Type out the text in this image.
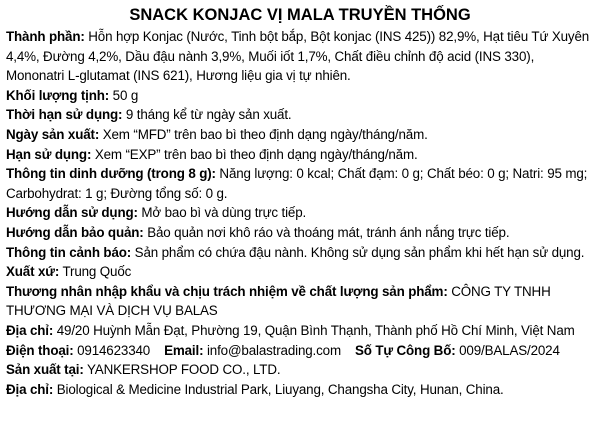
SNACK KONJAC VỊ MALA TRUYỀN THỐNG
Thành phần: Hỗn hợp Konjac (Nước, Tinh bột bắp, Bột konjac (INS 425)) 82,9%, Hạt tiêu Tứ Xuyên 4,4%, Đường 4,2%, Dầu đậu nành 3,9%, Muối iốt 1,7%, Chất điều chỉnh độ acid (INS 330), Mononatri L-glutamat (INS 621), Hương liệu gia vị tự nhiên.
Khối lượng tịnh: 50 g
Thời hạn sử dụng: 9 tháng kể từ ngày sản xuất.
Ngày sản xuất: Xem “MFD” trên bao bì theo định dạng ngày/tháng/năm.
Hạn sử dụng: Xem “EXP” trên bao bì theo định dạng ngày/tháng/năm.
Thông tin dinh dưỡng (trong 8 g): Năng lượng: 0 kcal; Chất đạm: 0 g; Chất béo: 0 g; Natri: 95 mg; Carbohydrat: 1 g; Đường tổng số: 0 g.
Hướng dẫn sử dụng: Mở bao bì và dùng trực tiếp.
Hướng dẫn bảo quản: Bảo quản nơi khô ráo và thoáng mát, tránh ánh nắng trực tiếp.
Thông tin cảnh báo: Sản phẩm có chứa đậu nành. Không sử dụng sản phẩm khi hết hạn sử dụng.
Xuất xứ: Trung Quốc
Thương nhân nhập khẩu và chịu trách nhiệm về chất lượng sản phẩm: CÔNG TY TNHH THƯƠNG MẠI VÀ DỊCH VỤ BALAS
Địa chỉ: 49/20 Huỳnh Mẫn Đạt, Phường 19, Quận Bình Thạnh, Thành phố Hồ Chí Minh, Việt Nam
Điện thoại: 0914623340 Email: info@balastrading.com Số Tự Công Bố: 009/BALAS/2024
Sản xuất tại: YANKERSHOP FOOD CO., LTD.
Địa chỉ: Biological & Medicine Industrial Park, Liuyang, Changsha City, Hunan, China.
